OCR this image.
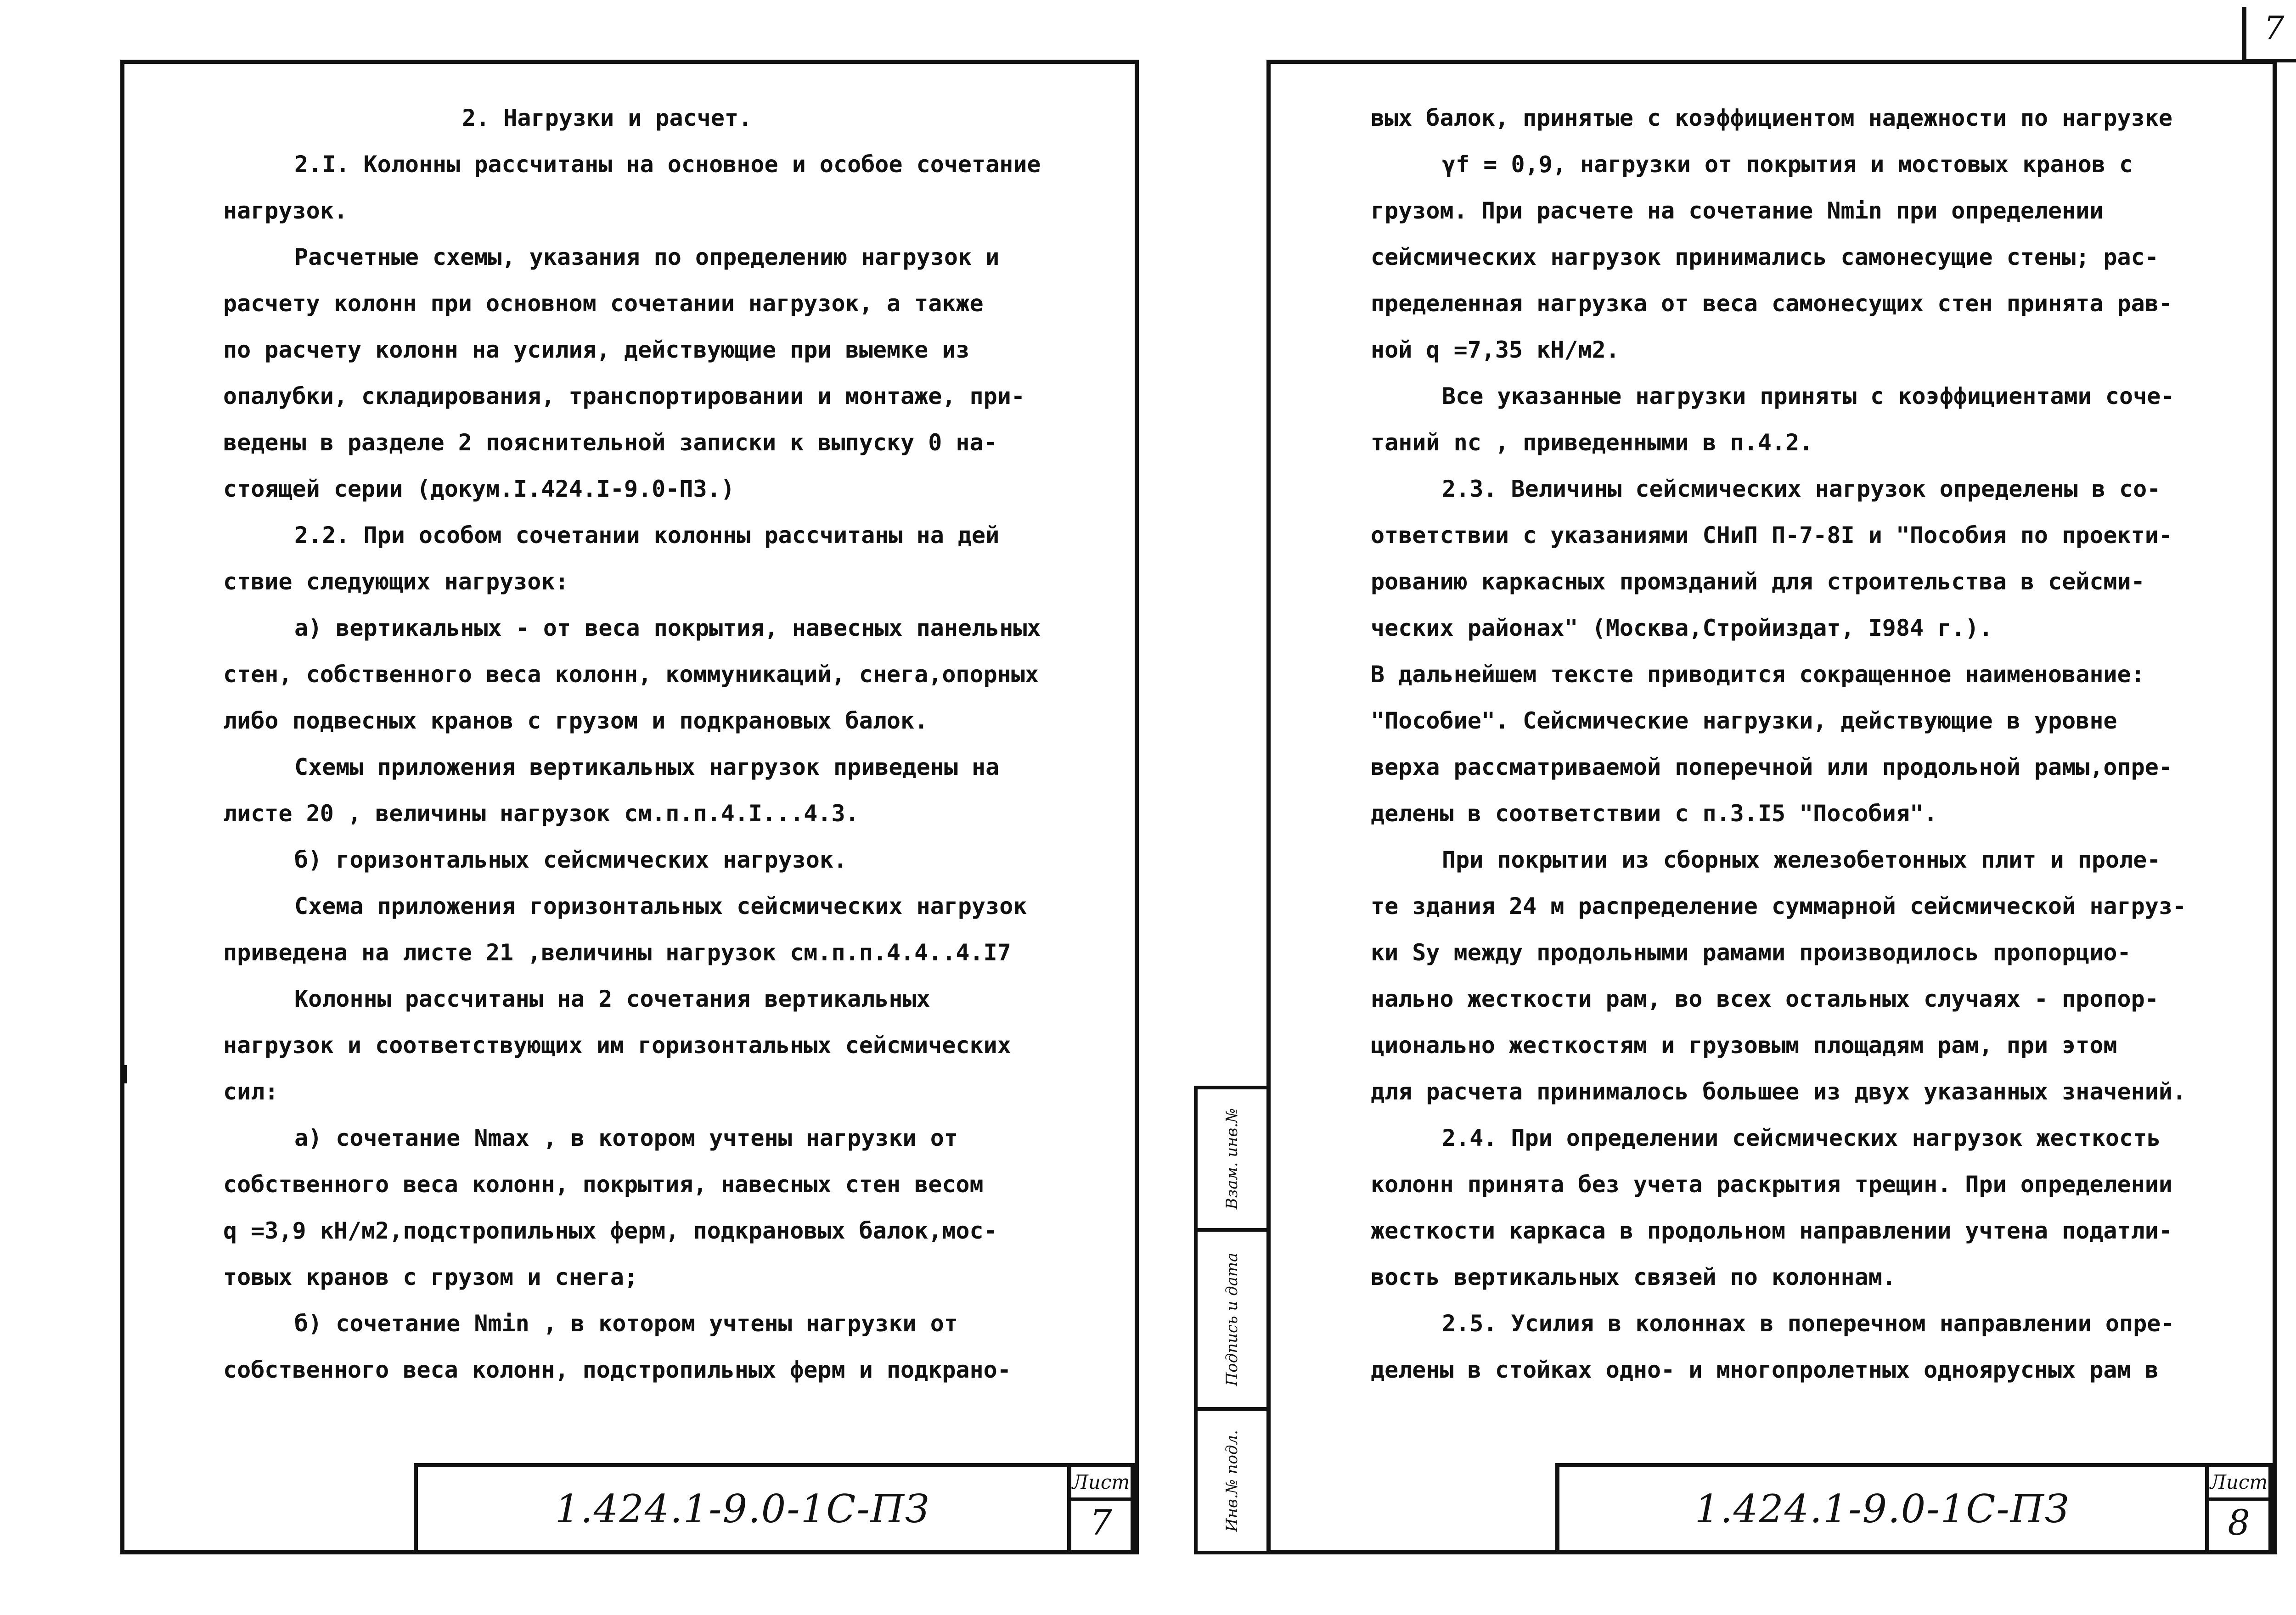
7
2. Нагрузки и расчет.
2.I. Колонны рассчитаны на основное и особое сочетание
нагрузок.
Расчетные схемы, указания по определению нагрузок и
расчету колонн при основном сочетании нагрузок, а также
по расчету колонн на усилия, действующие при выемке из
опалубки, складирования, транспортировании и монтаже, при-
ведены в разделе 2 пояснительной записки к выпуску 0 на-
стоящей серии (докум.I.424.I-9.0-ПЗ.)
2.2. При особом сочетании колонны рассчитаны на дей
ствие следующих нагрузок:
а) вертикальных - от веса покрытия, навесных панельных
стен, собственного веса колонн, коммуникаций, снега,опорных
либо подвесных кранов с грузом и подкрановых балок.
Схемы приложения вертикальных нагрузок приведены на
листе 20 , величины нагрузок см.п.п.4.I...4.3.
б) горизонтальных сейсмических нагрузок.
Схема приложения горизонтальных сейсмических нагрузок
приведена на листе 21 ,величины нагрузок см.п.п.4.4..4.I7
Колонны рассчитаны на 2 сочетания вертикальных
нагрузок и соответствующих им горизонтальных сейсмических
сил:
а) сочетание Nmax , в котором учтены нагрузки от
собственного веса колонн, покрытия, навесных стен весом
q =3,9 кН/м2,подстропильных ферм, подкрановых балок,мос-
товых кранов с грузом и снега;
б) сочетание Nmin , в котором учтены нагрузки от
собственного веса колонн, подстропильных ферм и подкрано-
1.424.1-9.0-1С-ПЗ
Лист
7
Взам. инв.№
Подпись и дата
Инв.№ подл.
вых балок, принятые с коэффициентом надежности по нагрузке
γf = 0,9, нагрузки от покрытия и мостовых кранов с
грузом. При расчете на сочетание Nmin при определении
сейсмических нагрузок принимались самонесущие стены; рас-
пределенная нагрузка от веса самонесущих стен принята рав-
ной q =7,35 кН/м2.
Все указанные нагрузки приняты с коэффициентами соче-
таний nc , приведенными в п.4.2.
2.3. Величины сейсмических нагрузок определены в со-
ответствии с указаниями СНиП П-7-8I и "Пособия по проекти-
рованию каркасных промзданий для строительства в сейсми-
ческих районах" (Москва,Стройиздат, I984 г.).
В дальнейшем тексте приводится сокращенное наименование:
"Пособие". Сейсмические нагрузки, действующие в уровне
верха рассматриваемой поперечной или продольной рамы,опре-
делены в соответствии с п.3.I5 "Пособия".
При покрытии из сборных железобетонных плит и проле-
те здания 24 м распределение суммарной сейсмической нагруз-
ки Sy между продольными рамами производилось пропорцио-
нально жесткости рам, во всех остальных случаях - пропор-
ционально жесткостям и грузовым площадям рам, при этом
для расчета принималось большее из двух указанных значений.
2.4. При определении сейсмических нагрузок жесткость
колонн принята без учета раскрытия трещин. При определении
жесткости каркаса в продольном направлении учтена податли-
вость вертикальных связей по колоннам.
2.5. Усилия в колоннах в поперечном направлении опре-
делены в стойках одно- и многопролетных одноярусных рам в
1.424.1-9.0-1С-ПЗ
Лист
8
